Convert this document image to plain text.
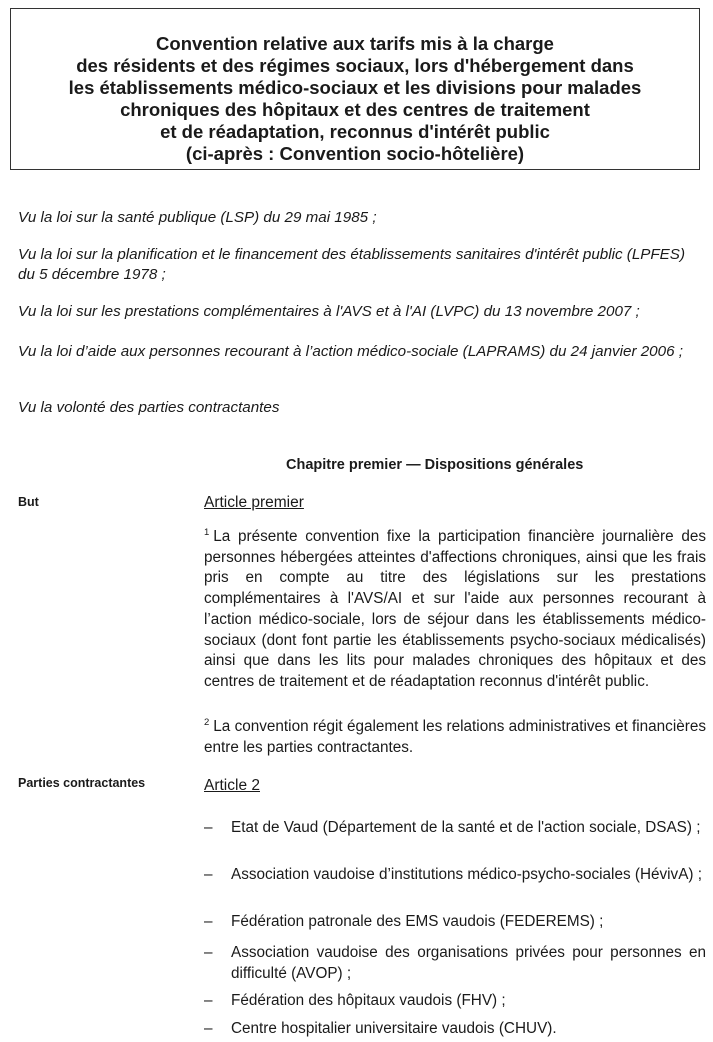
Convention relative aux tarifs mis à la charge
des résidents et des régimes sociaux, lors d'hébergement dans
les établissements médico-sociaux et les divisions pour malades
chroniques des hôpitaux et des centres de traitement
et de réadaptation, reconnus d'intérêt public
(ci-après : Convention socio-hôtelière)
Vu la loi sur la santé publique (LSP) du 29 mai 1985 ;
Vu la loi sur la planification et le financement des établissements sanitaires d'intérêt public (LPFES) du 5 décembre 1978 ;
Vu la loi sur les prestations complémentaires à l'AVS et à l'AI (LVPC) du 13 novembre 2007 ;
Vu la loi d’aide aux personnes recourant à l’action médico-sociale (LAPRAMS) du 24 janvier 2006 ;
Vu la volonté des parties contractantes
Chapitre premier — Dispositions générales
But	Article premier
$^1$ La présente convention fixe la participation financière journalière des personnes hébergées atteintes d'affections chroniques, ainsi que les frais pris en compte au titre des législations sur les prestations complémentaires à l'AVS/AI et sur l'aide aux personnes recourant à l’action médico-sociale, lors de séjour dans les établissements médico-sociaux (dont font partie les établissements psycho-sociaux médicalisés) ainsi que dans les lits pour malades chroniques des hôpitaux et des centres de traitement et de réadaptation reconnus d'intérêt public.
$^2$ La convention régit également les relations administratives et financières entre les parties contractantes.
Parties contractantes	Article 2
– Etat de Vaud (Département de la santé et de l'action sociale, DSAS) ;
– Association vaudoise d’institutions médico-psycho-sociales (HévivA) ;
– Fédération patronale des EMS vaudois (FEDEREMS) ;
– Association vaudoise des organisations privées pour personnes en difficulté (AVOP) ;
– Fédération des hôpitaux vaudois (FHV) ;
– Centre hospitalier universitaire vaudois (CHUV).
